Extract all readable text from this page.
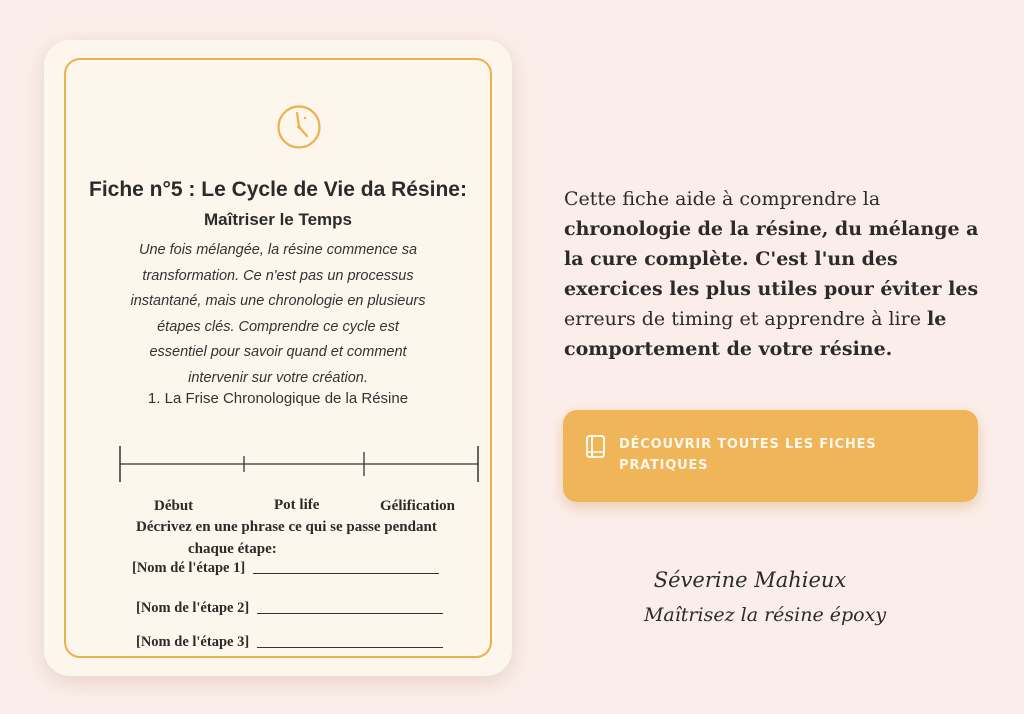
Fiche n°5 : Le Cycle de Vie da Résine:
Maîtriser le Temps

Une fois mélangée, la résine commence sa transformation. Ce n'est pas un processus instantané, mais une chronologie en plusieurs étapes clés. Comprendre ce cycle est essentiel pour savoir quand et comment intervenir sur votre création.

1. La Frise Chronologique de la Résine

Début	Pot life	Gélification

Décrivez en une phrase ce qui se passe pendant
chaque étape:

[Nom dé l'étape 1]
[Nom de l'étape 2]
[Nom de l'étape 3]

Cette fiche aide à comprendre la chronologie de la résine, du mélange a la cure complète. C'est l'un des exercices les plus utiles pour éviter les erreurs de timing et apprendre à lire le comportement de votre résine.

DÉCOUVRIR TOUTES LES FICHES PRATIQUES

Séverine Mahieux

Maîtrisez la résine époxy
